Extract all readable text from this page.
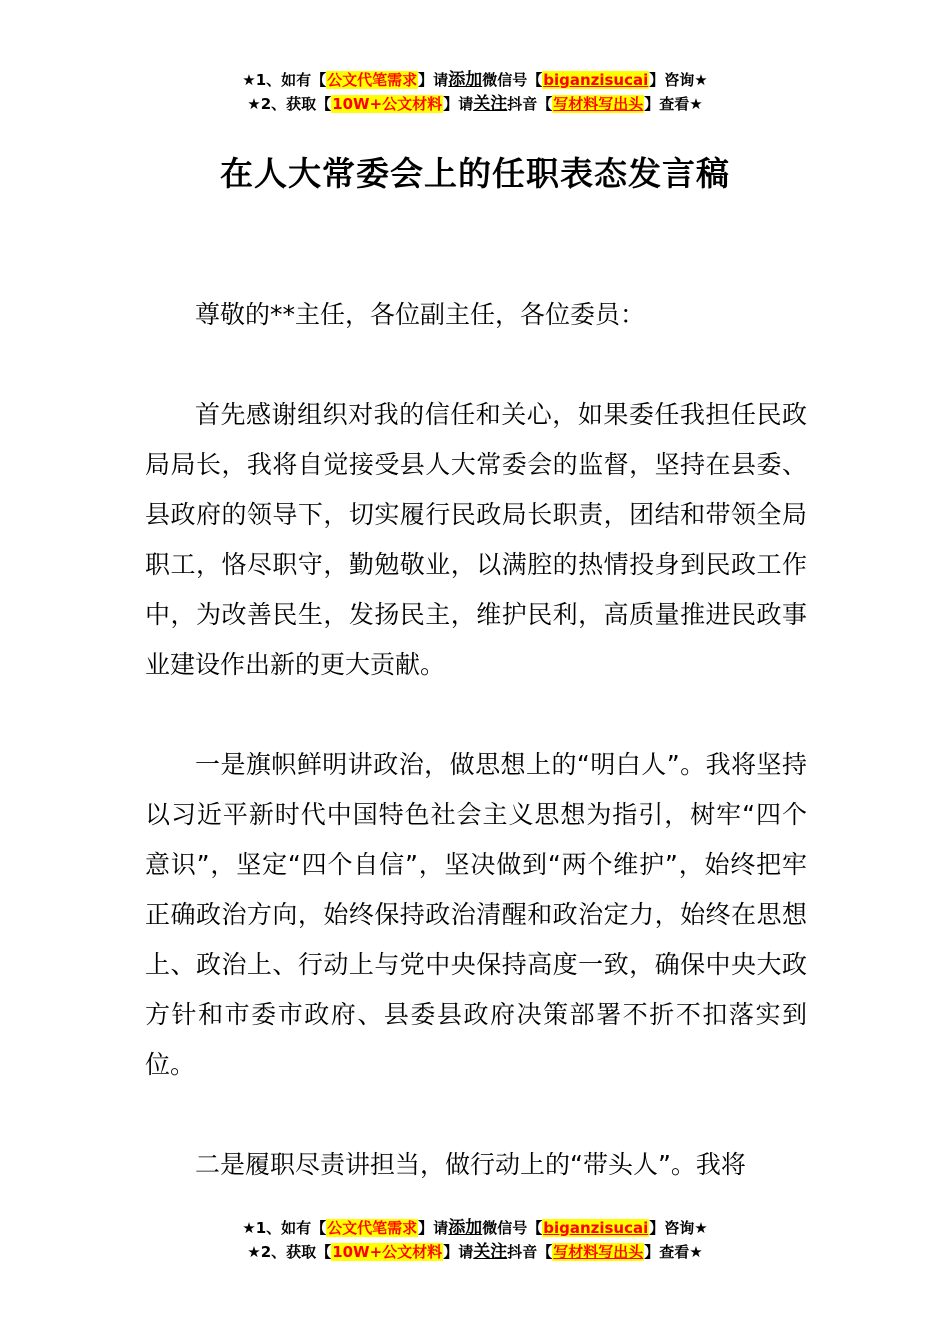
★1、如有【公文代笔需求】请添加微信号【biganzisucai】咨询★
★2、获取【10W+公文材料】请关注抖音【写材料写出头】查看★
在人大常委会上的任职表态发言稿

尊敬的**主任，各位副主任，各位委员：

首先感谢组织对我的信任和关心，如果委任我担任民政局局长，我将自觉接受县人大常委会的监督，坚持在县委、县政府的领导下，切实履行民政局长职责，团结和带领全局职工，恪尽职守，勤勉敬业，以满腔的热情投身到民政工作中，为改善民生，发扬民主，维护民利，高质量推进民政事业建设作出新的更大贡献。

一是旗帜鲜明讲政治，做思想上的“明白人”。我将坚持以习近平新时代中国特色社会主义思想为指引，树牢“四个意识”，坚定“四个自信”，坚决做到“两个维护”，始终把牢正确政治方向，始终保持政治清醒和政治定力，始终在思想上、政治上、行动上与党中央保持高度一致，确保中央大政方针和市委市政府、县委县政府决策部署不折不扣落实到位。

二是履职尽责讲担当，做行动上的“带头人”。我将

★1、如有【公文代笔需求】请添加微信号【biganzisucai】咨询★
★2、获取【10W+公文材料】请关注抖音【写材料写出头】查看★
